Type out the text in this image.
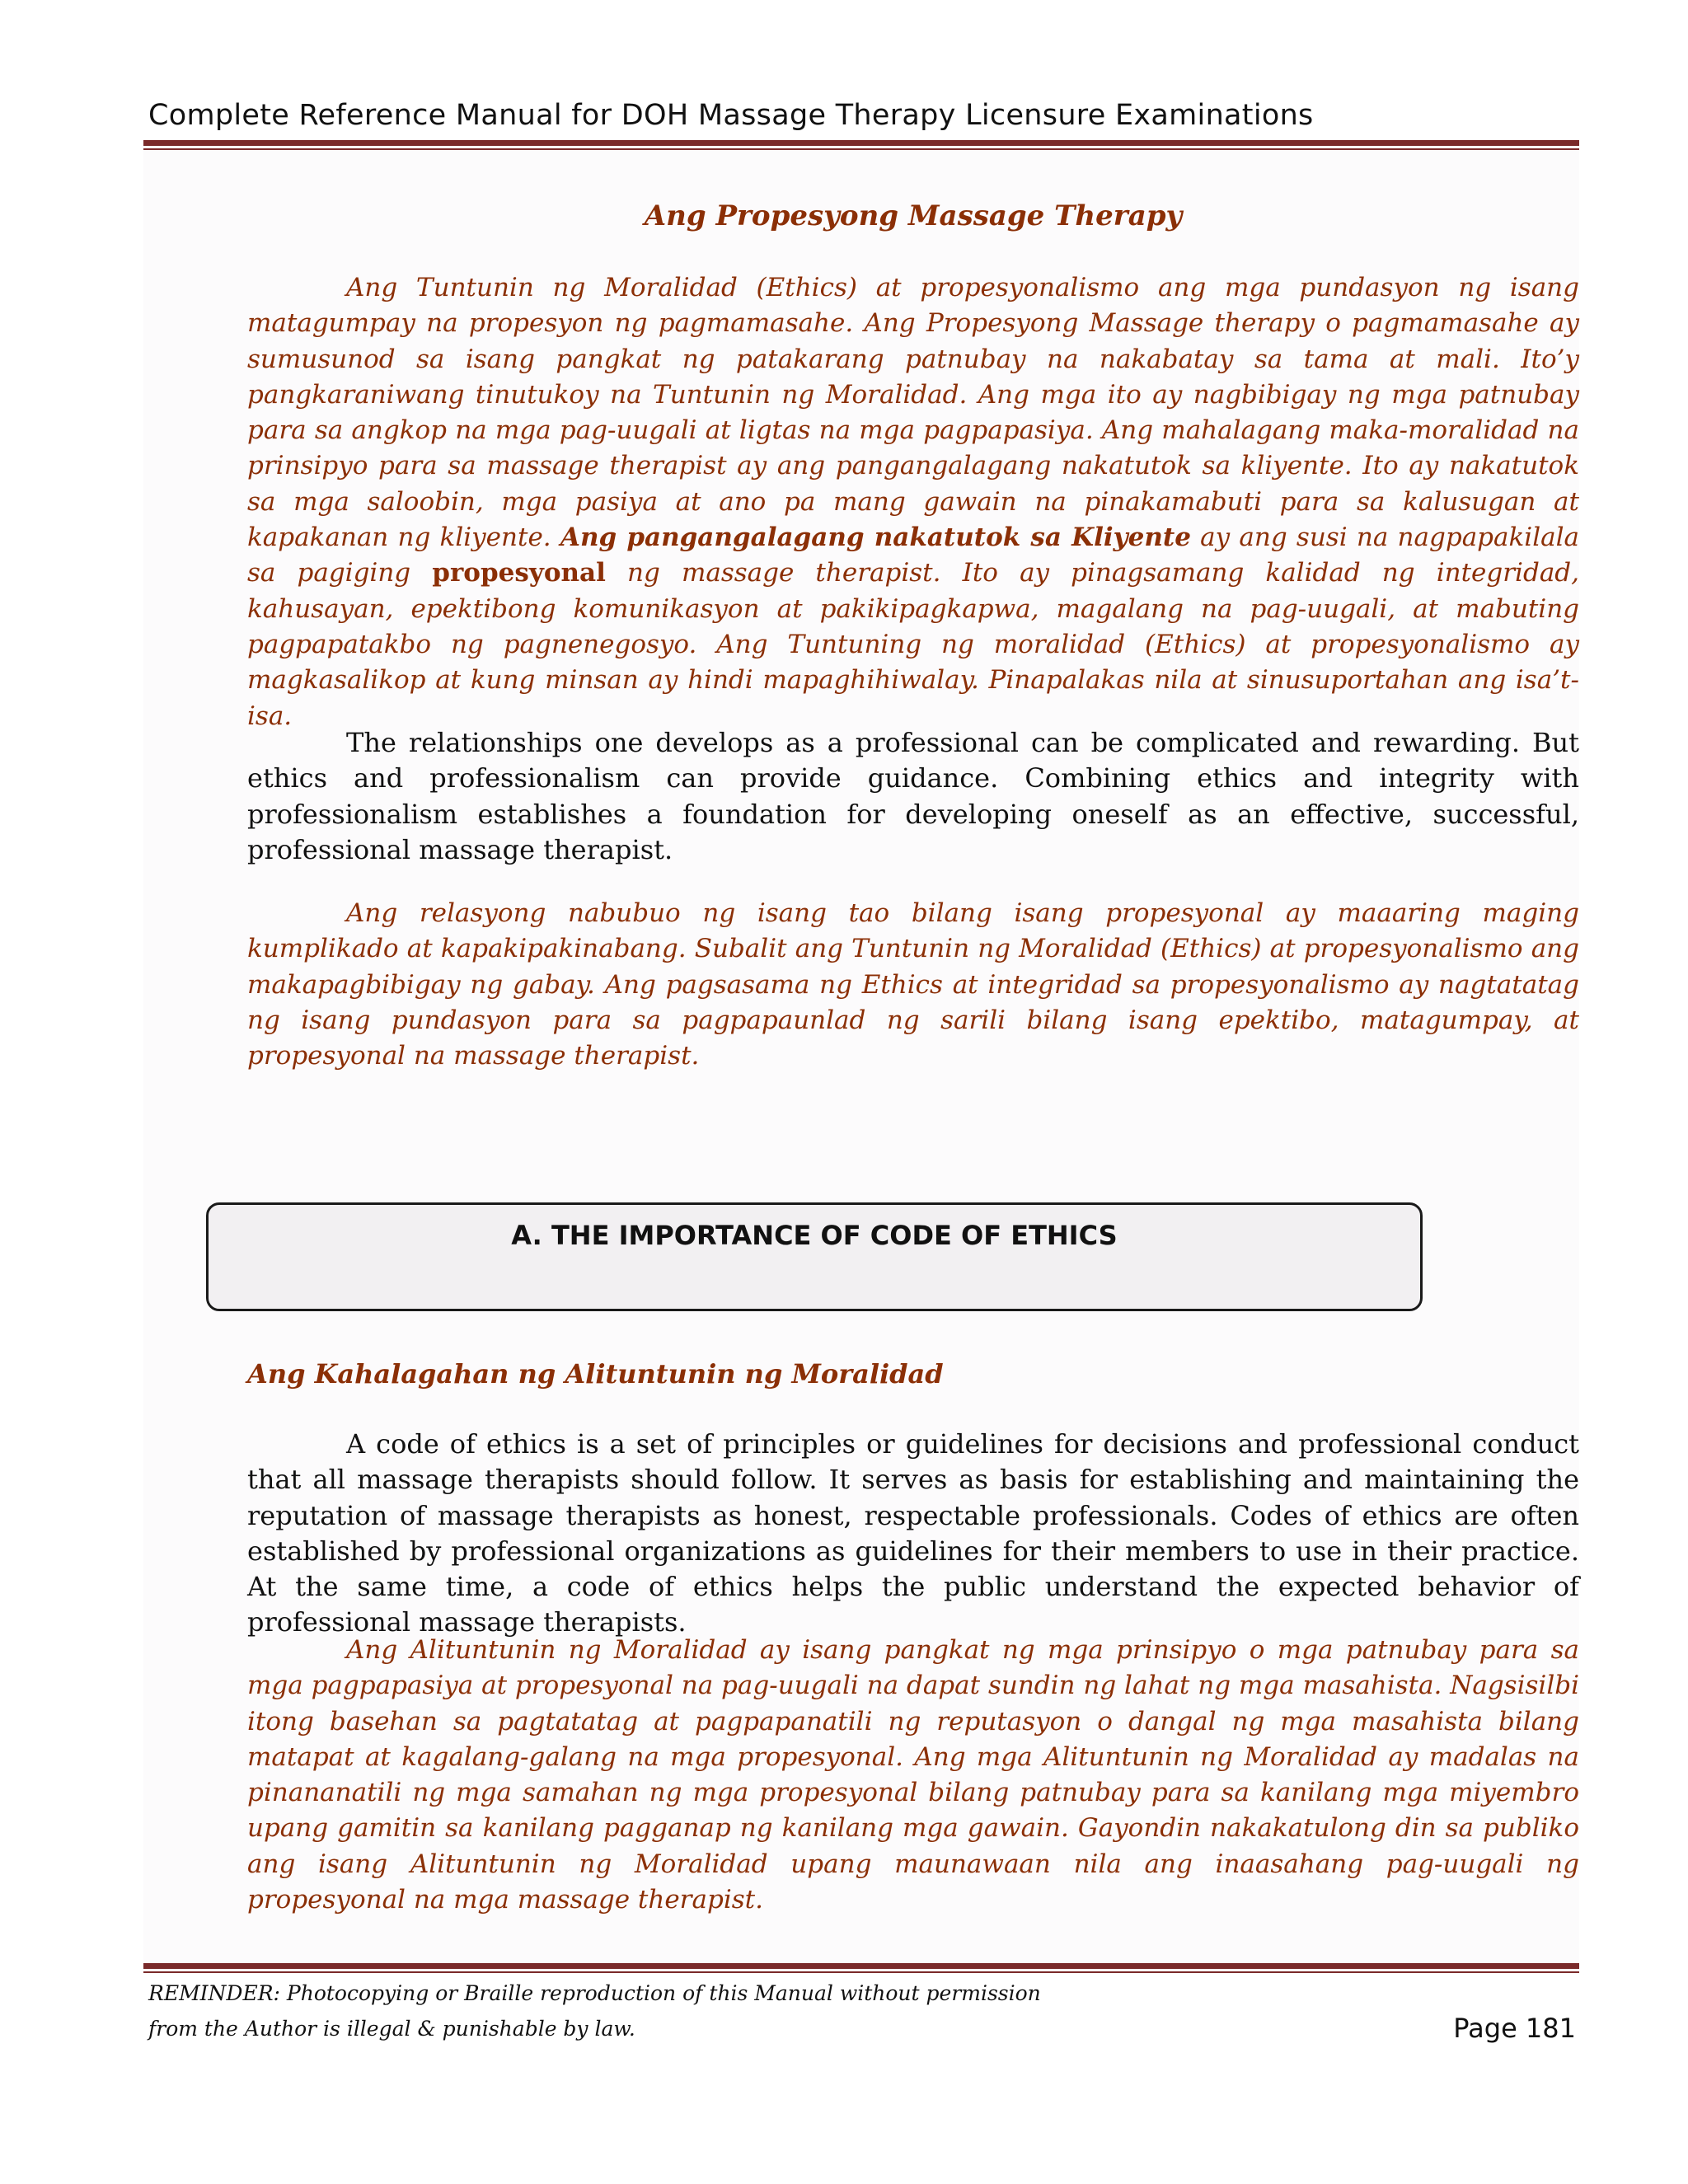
Complete Reference Manual for DOH Massage Therapy Licensure Examinations
Ang Propesyong Massage Therapy

Ang Tuntunin ng Moralidad (Ethics) at propesyonalismo ang mga pundasyon ng isang matagumpay na propesyon ng pagmamasahe. Ang Propesyong Massage therapy o pagmamasahe ay sumusunod sa isang pangkat ng patakarang patnubay na nakabatay sa tama at mali. Ito’y pangkaraniwang tinutukoy na Tuntunin ng Moralidad. Ang mga ito ay nagbibigay ng mga patnubay para sa angkop na mga pag-uugali at ligtas na mga pagpapasiya. Ang mahalagang maka-moralidad na prinsipyo para sa massage therapist ay ang pangangalagang nakatutok sa kliyente. Ito ay nakatutok sa mga saloobin, mga pasiya at ano pa mang gawain na pinakamabuti para sa kalusugan at kapakanan ng kliyente. Ang pangangalagang nakatutok sa Kliyente ay ang susi na nagpapakilala sa pagiging propesyonal ng massage therapist. Ito ay pinagsamang kalidad ng integridad, kahusayan, epektibong komunikasyon at pakikipagkapwa, magalang na pag-uugali, at mabuting pagpapatakbo ng pagnenegosyo. Ang Tuntuning ng moralidad (Ethics) at propesyonalismo ay magkasalikop at kung minsan ay hindi mapaghihiwalay. Pinapalakas nila at sinusuportahan ang isa’t-isa.

The relationships one develops as a professional can be complicated and rewarding. But ethics and professionalism can provide guidance. Combining ethics and integrity with professionalism establishes a foundation for developing oneself as an effective, successful, professional massage therapist.

Ang relasyong nabubuo ng isang tao bilang isang propesyonal ay maaaring maging kumplikado at kapakipakinabang. Subalit ang Tuntunin ng Moralidad (Ethics) at propesyonalismo ang makapagbibigay ng gabay. Ang pagsasama ng Ethics at integridad sa propesyonalismo ay nagtatatag ng isang pundasyon para sa pagpapaunlad ng sarili bilang isang epektibo, matagumpay, at propesyonal na massage therapist.

A. THE IMPORTANCE OF CODE OF ETHICS
Ang Kahalagahan ng Alituntunin ng Moralidad

A code of ethics is a set of principles or guidelines for decisions and professional conduct that all massage therapists should follow. It serves as basis for establishing and maintaining the reputation of massage therapists as honest, respectable professionals. Codes of ethics are often established by professional organizations as guidelines for their members to use in their practice. At the same time, a code of ethics helps the public understand the expected behavior of professional massage therapists.

Ang Alituntunin ng Moralidad ay isang pangkat ng mga prinsipyo o mga patnubay para sa mga pagpapasiya at propesyonal na pag-uugali na dapat sundin ng lahat ng mga masahista. Nagsisilbi itong basehan sa pagtatatag at pagpapanatili ng reputasyon o dangal ng mga masahista bilang matapat at kagalang-galang na mga propesyonal. Ang mga Alituntunin ng Moralidad ay madalas na pinananatili ng mga samahan ng mga propesyonal bilang patnubay para sa kanilang mga miyembro upang gamitin sa kanilang pagganap ng kanilang mga gawain. Gayondin nakakatulong din sa publiko ang isang Alituntunin ng Moralidad upang maunawaan nila ang inaasahang pag-uugali ng propesyonal na mga massage therapist.

REMINDER: Photocopying or Braille reproduction of this Manual without permission
from the Author is illegal & punishable by law.	Page 181
